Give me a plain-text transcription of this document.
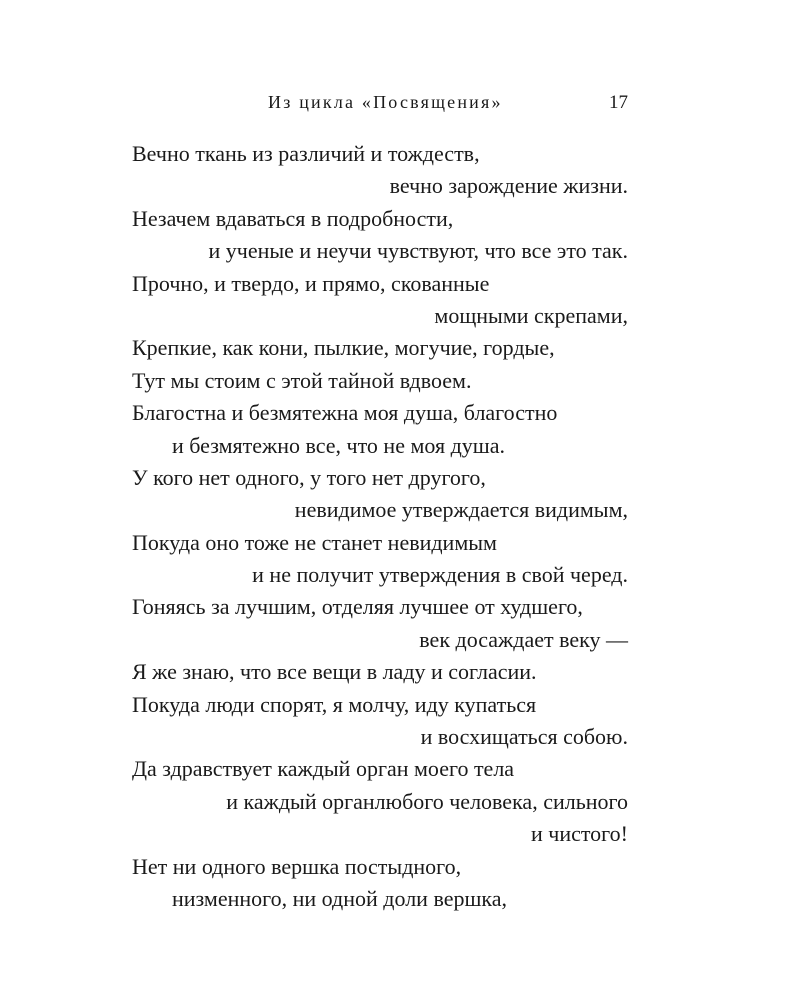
Из цикла «Посвящения»	17
Вечно ткань из различий и тождеств,
вечно зарождение жизни.
Незачем вдаваться в подробности,
и ученые и неучи чувствуют, что все это так.
Прочно, и твердо, и прямо, скованные
мощными скрепами,
Крепкие, как кони, пылкие, могучие, гордые,
Тут мы стоим с этой тайной вдвоем.
Благостна и безмятежна моя душа, благостно
и безмятежно все, что не моя душа.
У кого нет одного, у того нет другого,
невидимое утверждается видимым,
Покуда оно тоже не станет невидимым
и не получит утверждения в свой черед.
Гоняясь за лучшим, отделяя лучшее от худшего,
век досаждает веку —
Я же знаю, что все вещи в ладу и согласии.
Покуда люди спорят, я молчу, иду купаться
и восхищаться собою.
Да здравствует каждый орган моего тела
и каждый органлюбого человека, сильного
и чистого!
Нет ни одного вершка постыдного,
низменного, ни одной доли вершка,
